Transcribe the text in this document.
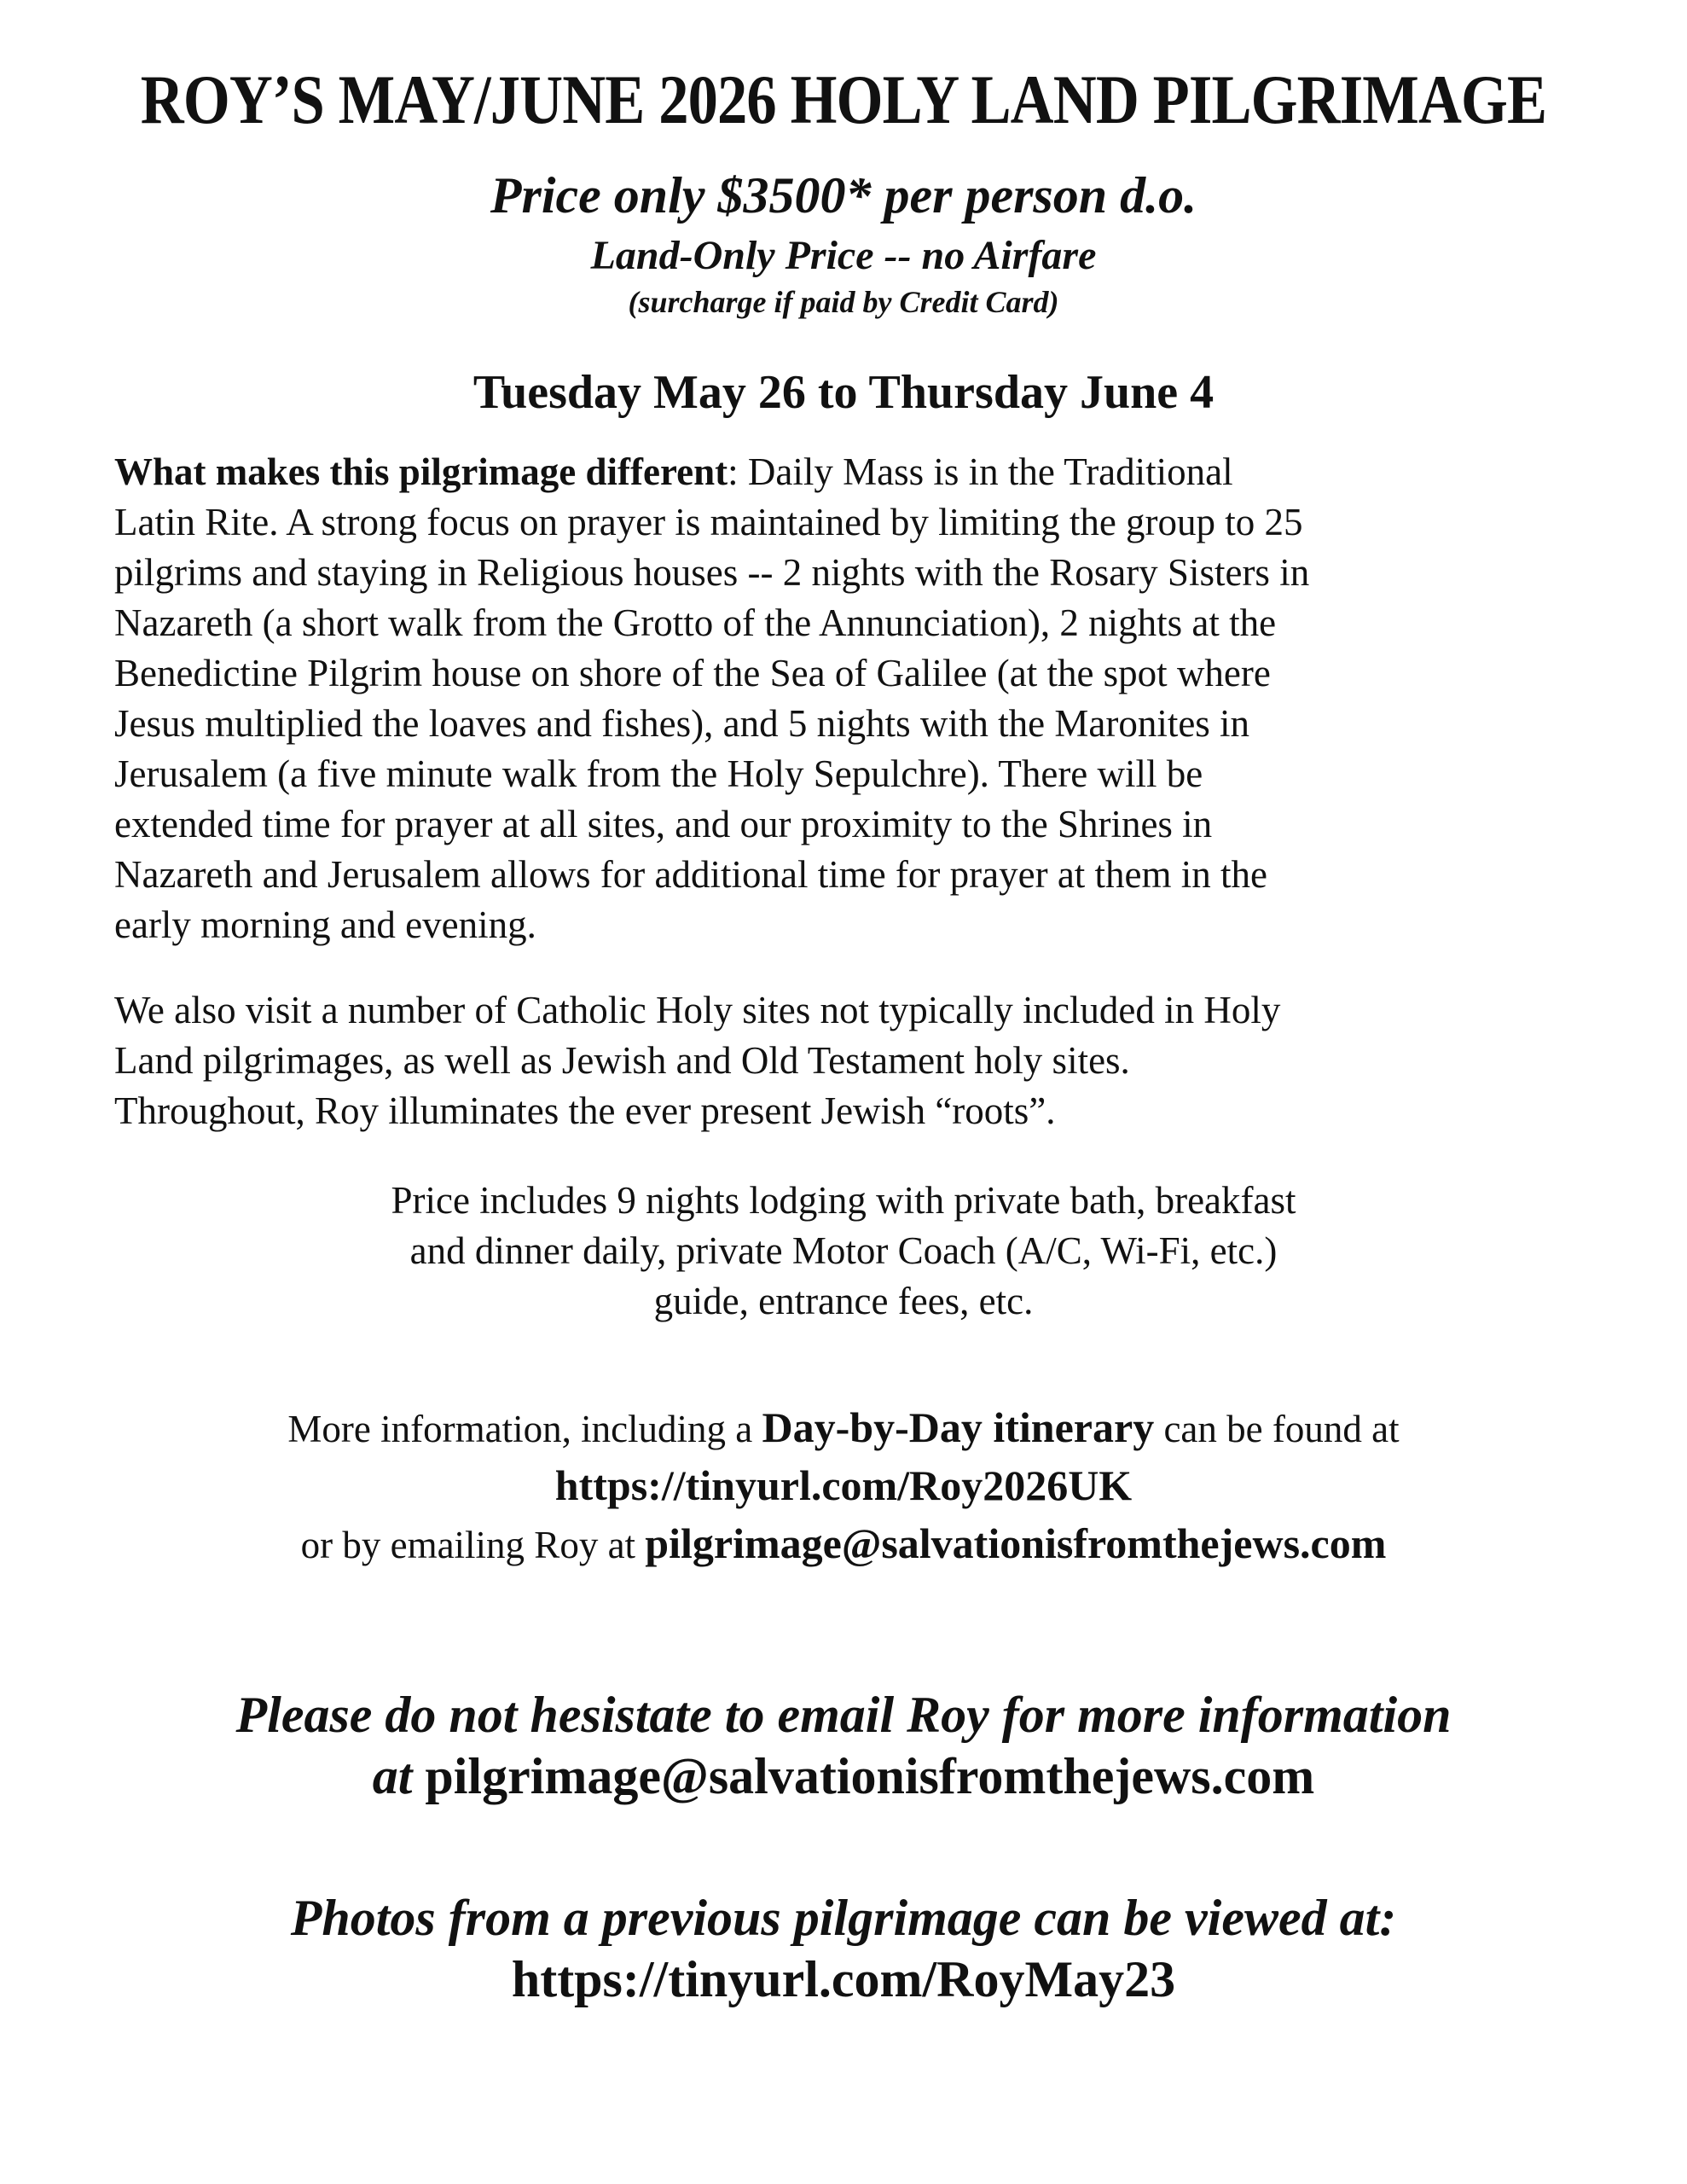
ROY’S MAY/JUNE 2026 HOLY LAND PILGRIMAGE
Price only $3500* per person d.o.
Land-Only Price -- no Airfare
(surcharge if paid by Credit Card)
Tuesday May 26 to Thursday June 4
What makes this pilgrimage different: Daily Mass is in the Traditional
Latin Rite. A strong focus on prayer is maintained by limiting the group to 25
pilgrims and staying in Religious houses -- 2 nights with the Rosary Sisters in
Nazareth (a short walk from the Grotto of the Annunciation), 2 nights at the
Benedictine Pilgrim house on shore of the Sea of Galilee (at the spot where
Jesus multiplied the loaves and fishes), and 5 nights with the Maronites in
Jerusalem (a five minute walk from the Holy Sepulchre). There will be
extended time for prayer at all sites, and our proximity to the Shrines in
Nazareth and Jerusalem allows for additional time for prayer at them in the
early morning and evening.
We also visit a number of Catholic Holy sites not typically included in Holy
Land pilgrimages, as well as Jewish and Old Testament holy sites.
Throughout, Roy illuminates the ever present Jewish “roots”.
Price includes 9 nights lodging with private bath, breakfast
and dinner daily, private Motor Coach (A/C, Wi-Fi, etc.)
guide, entrance fees, etc.
More information, including a Day-by-Day itinerary can be found at
https://tinyurl.com/Roy2026UK
or by emailing Roy at pilgrimage@salvationisfromthejews.com
Please do not hesistate to email Roy for more information
at pilgrimage@salvationisfromthejews.com
Photos from a previous pilgrimage can be viewed at:
https://tinyurl.com/RoyMay23
